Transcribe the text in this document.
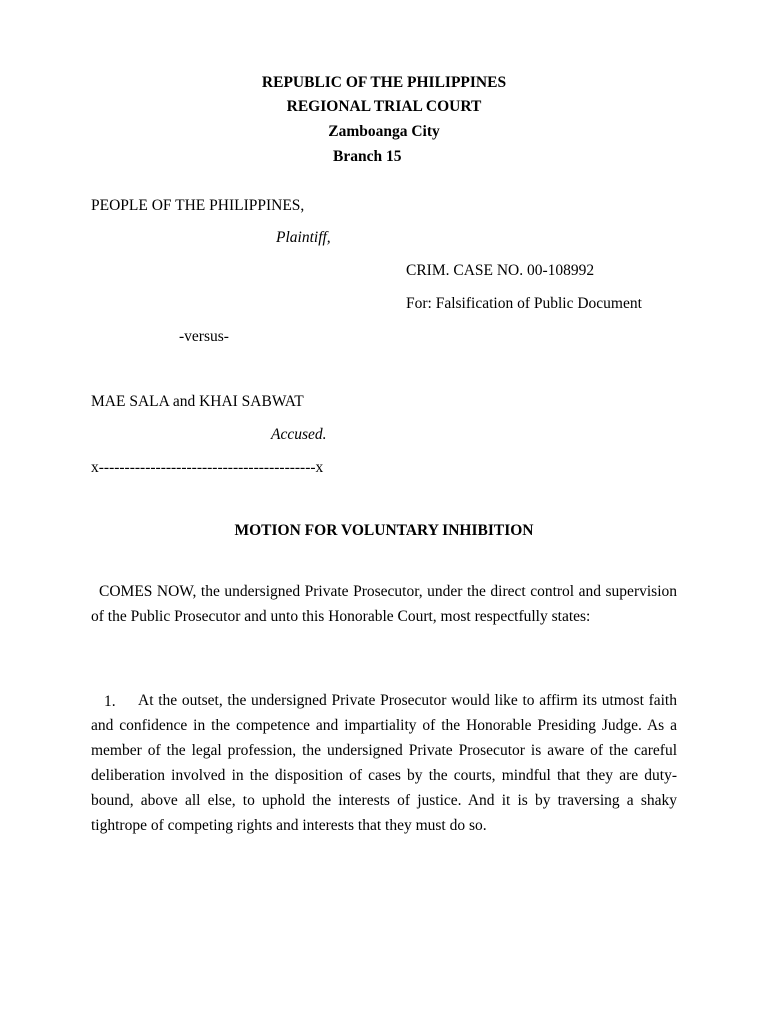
REPUBLIC OF THE PHILIPPINES
REGIONAL TRIAL COURT
Zamboanga City
Branch 15
PEOPLE OF THE PHILIPPINES,
Plaintiff,
CRIM. CASE NO. 00-108992
For: Falsification of Public Document
-versus-
MAE SALA and KHAI SABWAT
Accused.
x------------------------------------------x
MOTION FOR VOLUNTARY INHIBITION
COMES NOW, the undersigned Private Prosecutor, under the direct control and supervision of the Public Prosecutor and unto this Honorable Court, most respectfully states:
1.	At the outset, the undersigned Private Prosecutor would like to affirm its utmost faith and confidence in the competence and impartiality of the Honorable Presiding Judge. As a member of the legal profession, the undersigned Private Prosecutor is aware of the careful deliberation involved in the disposition of cases by the courts, mindful that they are duty-bound, above all else, to uphold the interests of justice. And it is by traversing a shaky tightrope of competing rights and interests that they must do so.
